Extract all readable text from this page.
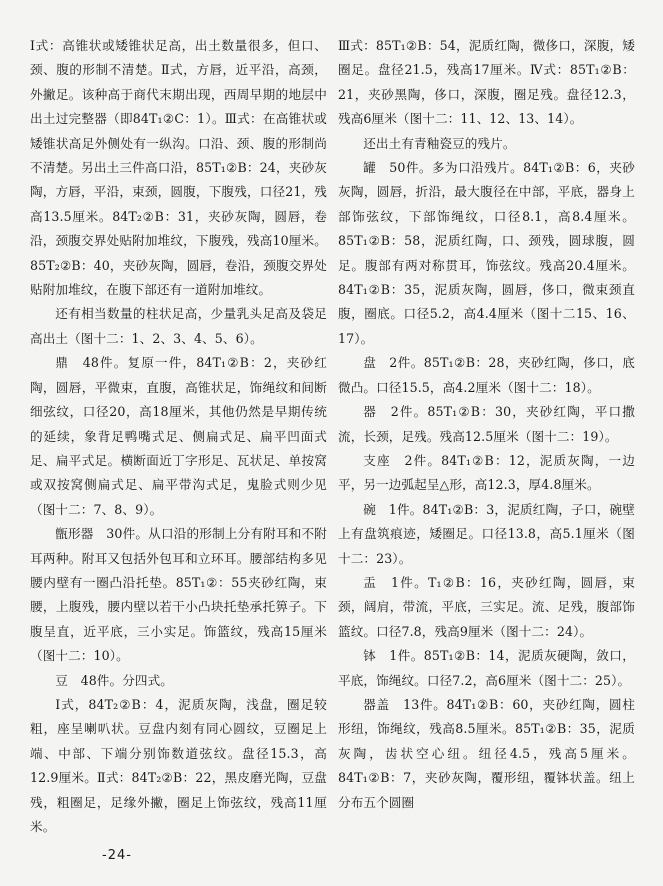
Ⅰ式：高锥状或矮锥状足高，出土数量很多，但口、颈、腹的形制不清楚。Ⅱ式，方唇，近平沿，高颈，外撇足。该种高于商代末期出现，西周早期的地层中出土过完整器（即84T₁②C：1）。Ⅲ式：在高锥状或矮锥状高足外侧处有一纵沟。口沿、颈、腹的形制尚不清楚。另出土三件高口沿，85T₁②B：24，夹砂灰陶，方唇，平沿，束颈，圆腹，下腹残，口径21，残高13.5厘米。84T₂②B：31，夹砂灰陶，圆唇，卷沿，颈腹交界处贴附加堆纹，下腹残，残高10厘米。85T₂②B：40，夹砂灰陶，圆唇，卷沿，颈腹交界处贴附加堆纹，在腹下部还有一道附加堆纹。

还有相当数量的柱状足高，少量乳头足高及袋足高出土（图十二：1、2、3、4、5、6）。

鼎　48件。复原一件，84T₁②B：2，夹砂红陶，圆唇，平微束，直腹，高锥状足，饰绳纹和间断细弦纹，口径20，高18厘米，其他仍然是早期传统的延续，象背足鸭嘴式足、侧扁式足、扁平凹面式足、扁平式足。横断面近丁字形足、瓦状足、单按窝或双按窝侧扁式足、扁平带沟式足，鬼脸式则少见（图十二：7、8、9）。

甑形器　30件。从口沿的形制上分有附耳和不附耳两种。附耳又包括外包耳和立环耳。腰部结构多见腰内壁有一圈凸沿托垫。85T₁②：55夹砂红陶，束腰，上腹残，腰内壁以若干小凸块托垫承托箅子。下腹呈直，近平底，三小实足。饰篮纹，残高15厘米（图十二：10）。

豆　48件。分四式。

Ⅰ式，84T₂②B：4，泥质灰陶，浅盘，圈足较粗，座呈喇叭状。豆盘内刻有同心圆纹，豆圈足上端、中部、下端分别饰数道弦纹。盘径15.3，高12.9厘米。Ⅱ式：84T₂②B：22，黑皮磨光陶，豆盘残，粗圈足，足缘外撇，圈足上饰弦纹，残高11厘米。

Ⅲ式：85T₁②B：54，泥质红陶，微侈口，深腹，矮圈足。盘径21.5，残高17厘米。Ⅳ式：85T₁②B：21，夹砂黑陶，侈口，深腹，圈足残。盘径12.3，残高6厘米（图十二：11、12、13、14）。

还出土有青釉瓷豆的残片。

罐　50件。多为口沿残片。84T₁②B：6，夹砂灰陶，圆唇，折沿，最大腹径在中部，平底，器身上部饰弦纹，下部饰绳纹，口径8.1，高8.4厘米。85T₁②B：58，泥质红陶，口、颈残，圆球腹，圆足。腹部有两对称贯耳，饰弦纹。残高20.4厘米。84T₁②B：35，泥质灰陶，圆唇，侈口，微束颈直腹，圈底。口径5.2，高4.4厘米（图十二15、16、17）。

盘　2件。85T₁②B：28，夹砂红陶，侈口，底微凸。口径15.5，高4.2厘米（图十二：18）。

器　2件。85T₁②B：30，夹砂红陶，平口撒流，长颈，足残。残高12.5厘米（图十二：19）。

支座　2件。84T₁②B：12，泥质灰陶，一边平，另一边弧起呈△形，高12.3，厚4.8厘米。

碗　1件。84T₁②B：3，泥质红陶，子口，碗壁上有盘筑痕迹，矮圈足。口径13.8，高5.1厘米（图十二：23）。

盂　1件。T₁②B：16，夹砂红陶，圆唇，束颈，阔肩，带流，平底，三实足。流、足残，腹部饰篮纹。口径7.8，残高9厘米（图十二：24）。

钵　1件。85T₁②B：14，泥质灰硬陶，敛口，平底，饰绳纹。口径7.2，高6厘米（图十二：25）。

器盖　13件。84T₁②B：60，夹砂红陶，圆柱形纽，饰绳纹，残高8.5厘米。85T₁②B：35，泥质灰陶，齿状空心纽。纽径4.5，残高5厘米。84T₁②B：7，夹砂灰陶，覆形纽，覆钵状盖。纽上分布五个圆圈

-24-
